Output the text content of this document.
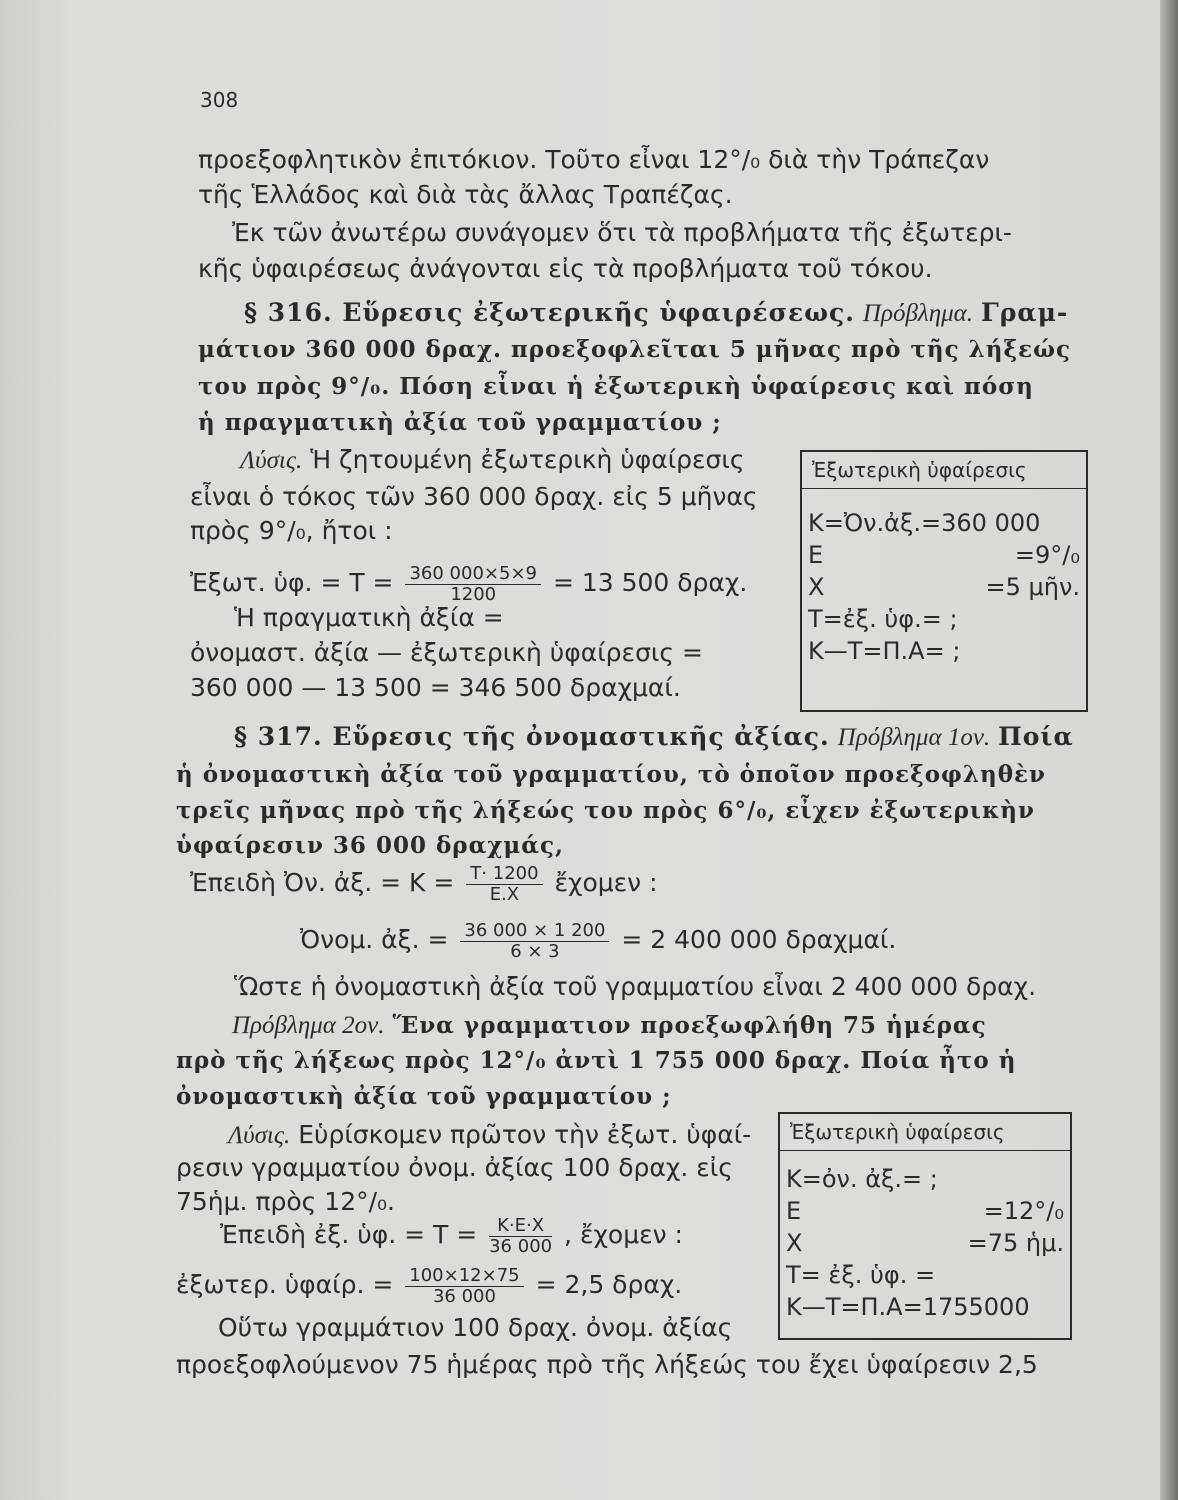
308
προεξοφλητικὸν ἐπιτόκιον. Τοῦτο εἶναι 12°/₀ διὰ τὴν Τράπεζαν
τῆς Ἑλλάδος καὶ διὰ τὰς ἄλλας Τραπέζας.
Ἐκ τῶν ἀνωτέρω συνάγομεν ὅτι τὰ προβλήματα τῆς ἐξωτερι-
κῆς ὑφαιρέσεως ἀνάγονται εἰς τὰ προβλήματα τοῦ τόκου.
§ 316. Εὕρεσις ἐξωτερικῆς ὑφαιρέσεως. Πρόβλημα. Γραμ-
μάτιον 360 000 δραχ. προεξοφλεῖται 5 μῆνας πρὸ τῆς λήξεώς
του πρὸς 9°/₀. Πόση εἶναι ἡ ἐξωτερικὴ ὑφαίρεσις καὶ πόση
ἡ πραγματικὴ ἀξία τοῦ γραμματίου ;
Λύσις. Ἡ ζητουμένη ἐξωτερικὴ ὑφαίρεσις
εἶναι ὁ τόκος τῶν 360 000 δραχ. εἰς 5 μῆνας
πρὸς 9°/₀, ἤτοι :
Ἐξωτ. ὑφ. = $T = \frac{360 000\times 5\times 9}{1200} = 13$ 500 δραχ.
Ἡ πραγματικὴ ἀξία =
ὀνομαστ. ἀξία — ἐξωτερικὴ ὑφαίρεσις =
360 000 — 13 500 = 346 500 δραχμαί.
Ἐξωτερικὴ ὑφαίρεσις
Κ=Ὀν.ἀξ.=360 000
Ε	=9°/₀
Χ	=5 μῆν.
Τ=ἐξ. ὑφ.= ;
Κ—Τ=Π.Α= ;
§ 317. Εὕρεσις τῆς ὀνομαστικῆς ἀξίας. Πρόβλημα 1ον. Ποία
ἡ ὀνομαστικὴ ἀξία τοῦ γραμματίου, τὸ ὁποῖον προεξοφληθὲν
τρεῖς μῆνας πρὸ τῆς λήξεώς του πρὸς 6°/₀, εἶχεν ἐξωτερικὴν
ὑφαίρεσιν 36 000 δραχμάς,
Ἐπειδὴ Ὀν. ἀξ. = $K = \frac{T\cdot 1200}{E.X}$ ἔχομεν :
Ὀνομ. ἀξ. = $\frac{36 000 \times 1 200}{6 \times 3} = 2$ 400 000 δραχμαί.
Ὥστε ἡ ὀνομαστικὴ ἀξία τοῦ γραμματίου εἶναι 2 400 000 δραχ.
Πρόβλημα 2ον. Ἕνα γραμματιον προεξωφλήθη 75 ἡμέρας
πρὸ τῆς λήξεως πρὸς 12°/₀ ἀντὶ 1 755 000 δραχ. Ποία ἦτο ἡ
ὀνομαστικὴ ἀξία τοῦ γραμματίου ;
Λύσις. Εὑρίσκομεν πρῶτον τὴν ἐξωτ. ὑφαί-
ρεσιν γραμματίου ὀνομ. ἀξίας 100 δραχ. εἰς
75ἡμ. πρὸς 12°/₀.
Ἐπειδὴ ἐξ. ὑφ. = $T = \frac{K\cdot E\cdot X}{36 000}$ , ἔχομεν :
ἐξωτερ. ὑφαίρ. = $\frac{100\times 12\times 75}{36 000} = 2,5$ δραχ.
Οὕτω γραμμάτιον 100 δραχ. ὀνομ. ἀξίας
προεξοφλούμενον 75 ἡμέρας πρὸ τῆς λήξεώς του ἔχει ὑφαίρεσιν 2,5
Ἐξωτερικὴ ὑφαίρεσις
Κ=ὀν. ἀξ.= ;
Ε	=12°/₀
Χ	=75 ἡμ.
Τ= ἐξ. ὑφ. =
Κ—Τ=Π.Α=1755000
